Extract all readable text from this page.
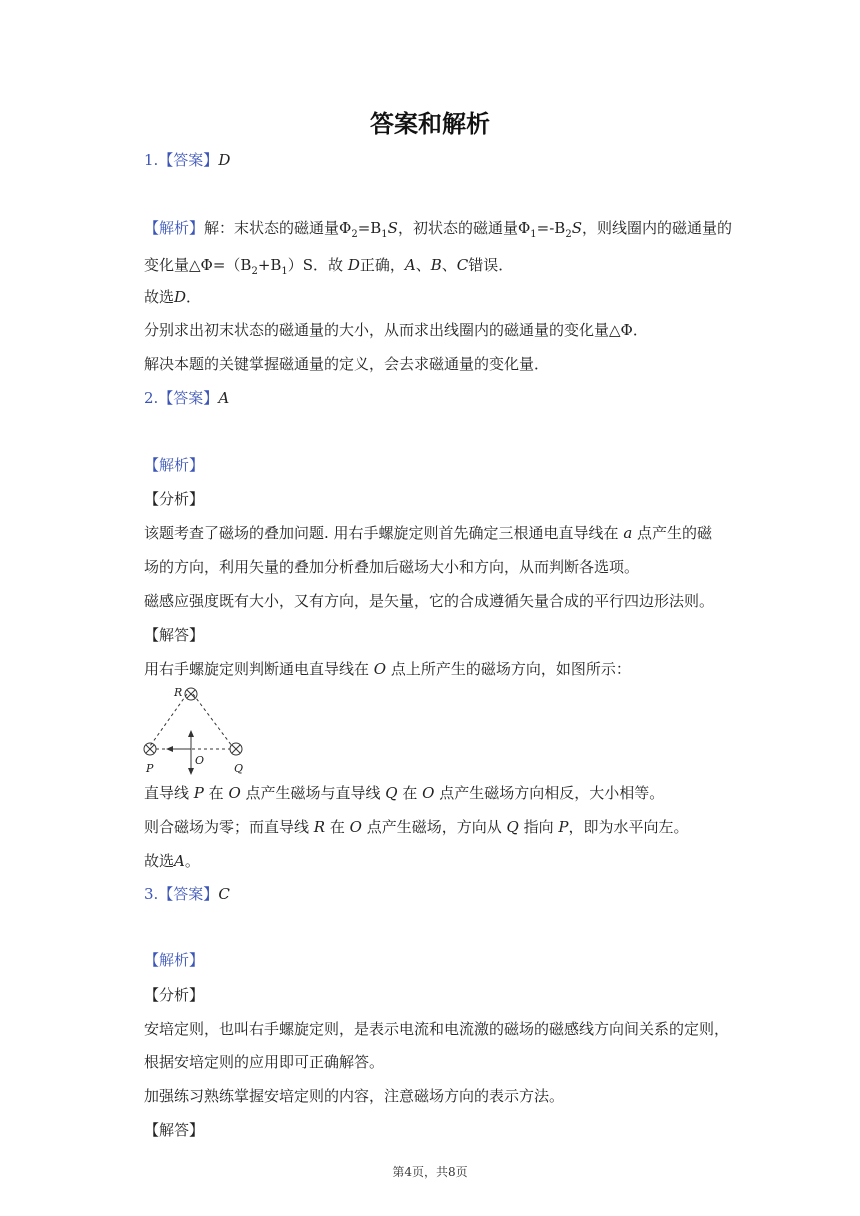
答案和解析
1.【答案】D
【解析】解：末状态的磁通量$\Phi_2=B_1S$，初状态的磁通量$\Phi_1=-B_2S$，则线圈内的磁通量的
变化量$\triangle\Phi=(B_2+B_1)S$．故 D正确，A、B、C错误．
故选D．
分别求出初末状态的磁通量的大小，从而求出线圈内的磁通量的变化量△Φ．
解决本题的关键掌握磁通量的定义，会去求磁通量的变化量．
2.【答案】A
【解析】
【分析】
该题考查了磁场的叠加问题. 用右手螺旋定则首先确定三根通电直导线在 a 点产生的磁
场的方向，利用矢量的叠加分析叠加后磁场大小和方向，从而判断各选项。
磁感应强度既有大小，又有方向，是矢量，它的合成遵循矢量合成的平行四边形法则。
【解答】
用右手螺旋定则判断通电直导线在 O 点上所产生的磁场方向，如图所示：
R
P	Q
O
直导线 P 在 O 点产生磁场与直导线 Q 在 O 点产生磁场方向相反，大小相等。
则合磁场为零；而直导线 R 在 O 点产生磁场，方向从 Q 指向 P，即为水平向左。
故选A。
3.【答案】C
【解析】
【分析】
安培定则，也叫右手螺旋定则，是表示电流和电流激的磁场的磁感线方向间关系的定则，
根据安培定则的应用即可正确解答。
加强练习熟练掌握安培定则的内容，注意磁场方向的表示方法。
【解答】
第4页，共8页
